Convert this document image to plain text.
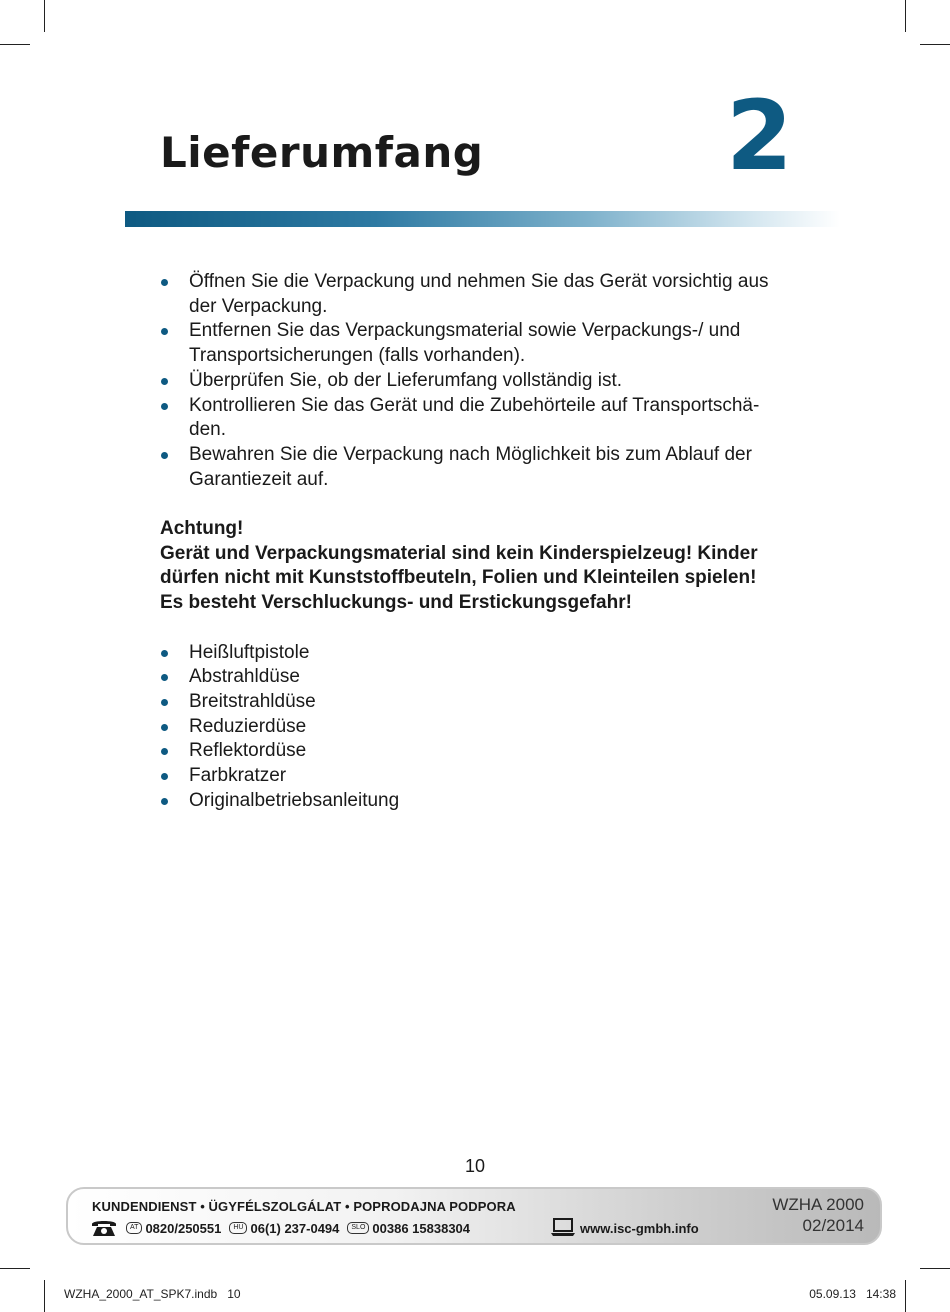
Lieferumfang	2
Öffnen Sie die Verpackung und nehmen Sie das Gerät vorsichtig aus
der Verpackung.
Entfernen Sie das Verpackungsmaterial sowie Verpackungs-/ und
Transportsicherungen (falls vorhanden).
Überprüfen Sie, ob der Lieferumfang vollständig ist.
Kontrollieren Sie das Gerät und die Zubehörteile auf Transportschä-
den.
Bewahren Sie die Verpackung nach Möglichkeit bis zum Ablauf der
Garantiezeit auf.
Achtung!
Gerät und Verpackungsmaterial sind kein Kinderspielzeug! Kinder
dürfen nicht mit Kunststoffbeuteln, Folien und Kleinteilen spielen!
Es besteht Verschluckungs- und Erstickungsgefahr!
Heißluftpistole
Abstrahldüse
Breitstrahldüse
Reduzierdüse
Reflektordüse
Farbkratzer
Originalbetriebsanleitung
10
KUNDENDIENST • ÜGYFÉLSZOLGÁLAT • POPRODAJNA PODPORA
AT 0820/250551	HU 06(1) 237-0494	SLO 00386 15838304	www.isc-gmbh.info
WZHA 2000
02/2014
WZHA_2000_AT_SPK7.indb   10	05.09.13   14:38
